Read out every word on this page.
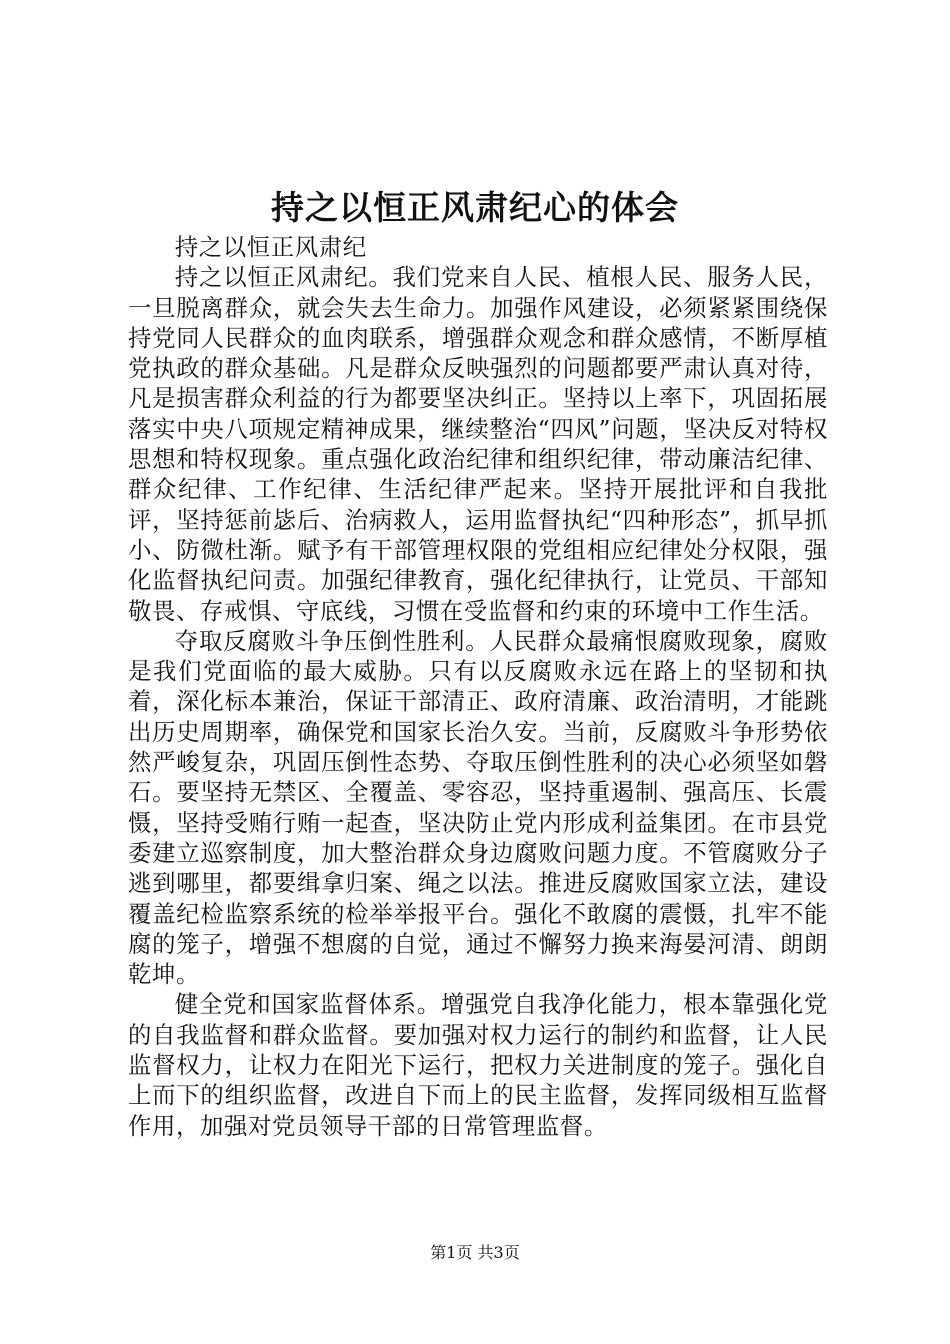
持之以恒正风肃纪心的体会

持之以恒正风肃纪

持之以恒正风肃纪。我们党来自人民、植根人民、服务人民，一旦脱离群众，就会失去生命力。加强作风建设，必须紧紧围绕保持党同人民群众的血肉联系，增强群众观念和群众感情，不断厚植党执政的群众基础。凡是群众反映强烈的问题都要严肃认真对待，凡是损害群众利益的行为都要坚决纠正。坚持以上率下，巩固拓展落实中央八项规定精神成果，继续整治“四风”问题，坚决反对特权思想和特权现象。重点强化政治纪律和组织纪律，带动廉洁纪律、群众纪律、工作纪律、生活纪律严起来。坚持开展批评和自我批评，坚持惩前毖后、治病救人，运用监督执纪“四种形态”，抓早抓小、防微杜渐。赋予有干部管理权限的党组相应纪律处分权限，强化监督执纪问责。加强纪律教育，强化纪律执行，让党员、干部知敬畏、存戒惧、守底线，习惯在受监督和约束的环境中工作生活。

夺取反腐败斗争压倒性胜利。人民群众最痛恨腐败现象，腐败是我们党面临的最大威胁。只有以反腐败永远在路上的坚韧和执着，深化标本兼治，保证干部清正、政府清廉、政治清明，才能跳出历史周期率，确保党和国家长治久安。当前，反腐败斗争形势依然严峻复杂，巩固压倒性态势、夺取压倒性胜利的决心必须坚如磐石。要坚持无禁区、全覆盖、零容忍，坚持重遏制、强高压、长震慑，坚持受贿行贿一起查，坚决防止党内形成利益集团。在市县党委建立巡察制度，加大整治群众身边腐败问题力度。不管腐败分子逃到哪里，都要缉拿归案、绳之以法。推进反腐败国家立法，建设覆盖纪检监察系统的检举举报平台。强化不敢腐的震慑，扎牢不能腐的笼子，增强不想腐的自觉，通过不懈努力换来海晏河清、朗朗乾坤。

健全党和国家监督体系。增强党自我净化能力，根本靠强化党的自我监督和群众监督。要加强对权力运行的制约和监督，让人民监督权力，让权力在阳光下运行，把权力关进制度的笼子。强化自上而下的组织监督，改进自下而上的民主监督，发挥同级相互监督作用，加强对党员领导干部的日常管理监督。

第1页 共3页
